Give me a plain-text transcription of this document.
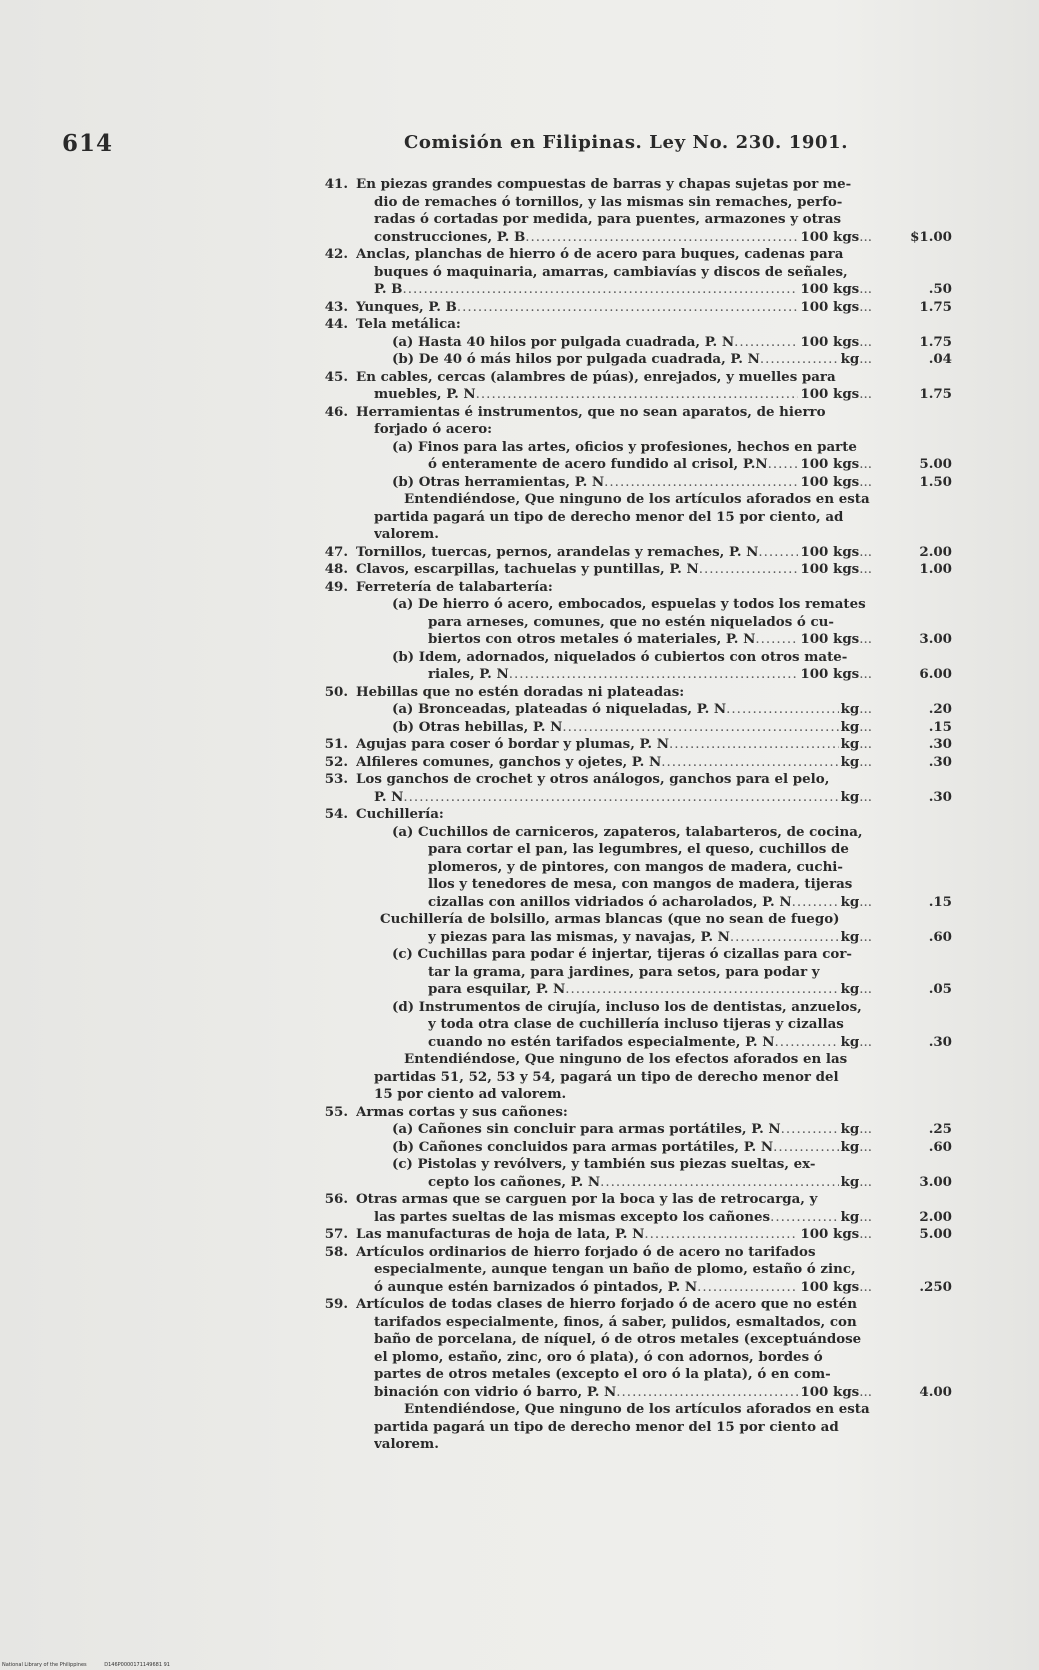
614	Comisión en Filipinas. Ley No. 230. 1901.
41. En piezas grandes compuestas de barras y chapas sujetas por me-
dio de remaches ó tornillos, y las mismas sin remaches, perfo-
radas ó cortadas por medida, para puentes, armazones y otras
construcciones, P. B .....	100 kgs ...	$1.00
42. Anclas, planchas de hierro ó de acero para buques, cadenas para
buques ó maquinaria, amarras, cambiavías y discos de señales,
P. B .....	100 kgs ...	.50
43. Yunques, P. B .....	100 kgs ...	1.75
44. Tela metálica:
(a) Hasta 40 hilos por pulgada cuadrada, P. N .....	100 kgs ...	1.75
(b) De 40 ó más hilos por pulgada cuadrada, P. N .....	kg ...	.04
45. En cables, cercas (alambres de púas), enrejados, y muelles para
muebles, P. N .....	100 kgs ...	1.75
46. Herramientas é instrumentos, que no sean aparatos, de hierro
forjado ó acero:
(a) Finos para las artes, oficios y profesiones, hechos en parte
ó enteramente de acero fundido al crisol, P.N ..... 100 kgs ...	5.00
(b) Otras herramientas, P. N .....	100 kgs ...	1.50
Entendiéndose, Que ninguno de los artículos aforados en esta
partida pagará un tipo de derecho menor del 15 por ciento, ad
valorem.
47. Tornillos, tuercas, pernos, arandelas y remaches, P. N .....	100 kgs ...	2.00
48. Clavos, escarpillas, tachuelas y puntillas, P. N .....	100 kgs ...	1.00
49. Ferretería de talabartería:
(a) De hierro ó acero, embocados, espuelas y todos los remates
para arneses, comunes, que no estén niquelados ó cu-
biertos con otros metales ó materiales, P. N .....	100 kgs ...	3.00
(b) Idem, adornados, niquelados ó cubiertos con otros mate-
riales, P. N .....	100 kgs ...	6.00
50. Hebillas que no estén doradas ni plateadas:
(a) Bronceadas, plateadas ó niqueladas, P. N .....	kg ...	.20
(b) Otras hebillas, P. N .....	kg ...	.15
51. Agujas para coser ó bordar y plumas, P. N .....	kg ...	.30
52. Alfileres comunes, ganchos y ojetes, P. N .....	kg ...	.30
53. Los ganchos de crochet y otros análogos, ganchos para el pelo,
P. N .....	kg ...	.30
54. Cuchillería:
(a) Cuchillos de carniceros, zapateros, talabarteros, de cocina,
para cortar el pan, las legumbres, el queso, cuchillos de
plomeros, y de pintores, con mangos de madera, cuchi-
llos y tenedores de mesa, con mangos de madera, tijeras
cizallas con anillos vidriados ó acharolados, P. N .....	kg ...	.15
Cuchillería de bolsillo, armas blancas (que no sean de fuego)
y piezas para las mismas, y navajas, P. N .....	kg ...	.60
(c) Cuchillas para podar é injertar, tijeras ó cizallas para cor-
tar la grama, para jardines, para setos, para podar y
para esquilar, P. N .....	kg ...	.05
(d) Instrumentos de cirujía, incluso los de dentistas, anzuelos,
y toda otra clase de cuchillería incluso tijeras y cizallas
cuando no estén tarifados especialmente, P. N .....	kg ...	.30
Entendiéndose, Que ninguno de los efectos aforados en las
partidas 51, 52, 53 y 54, pagará un tipo de derecho menor del
15 por ciento ad valorem.
55. Armas cortas y sus cañones:
(a) Cañones sin concluir para armas portátiles, P. N .....	kg ...	.25
(b) Cañones concluidos para armas portátiles, P. N .....	kg ...	.60
(c) Pistolas y revólvers, y también sus piezas sueltas, ex-
cepto los cañones, P. N .....	kg ...	3.00
56. Otras armas que se carguen por la boca y las de retrocarga, y
las partes sueltas de las mismas excepto los cañones .....	kg ...	2.00
57. Las manufacturas de hoja de lata, P. N .....	100 kgs ...	5.00
58. Artículos ordinarios de hierro forjado ó de acero no tarifados
especialmente, aunque tengan un baño de plomo, estaño ó zinc,
ó aunque estén barnizados ó pintados, P. N .....	100 kgs ...	.250
59. Artículos de todas clases de hierro forjado ó de acero que no estén
tarifados especialmente, finos, á saber, pulidos, esmaltados, con
baño de porcelana, de níquel, ó de otros metales (exceptuándose
el plomo, estaño, zinc, oro ó plata), ó con adornos, bordes ó
partes de otros metales (excepto el oro ó la plata), ó en com-
binación con vidrio ó barro, P. N .....	100 kgs ...	4.00
Entendiéndose, Que ninguno de los artículos aforados en esta
partida pagará un tipo de derecho menor del 15 por ciento ad
valorem.
National Library of the Philippines	D146P0000171149681 91
